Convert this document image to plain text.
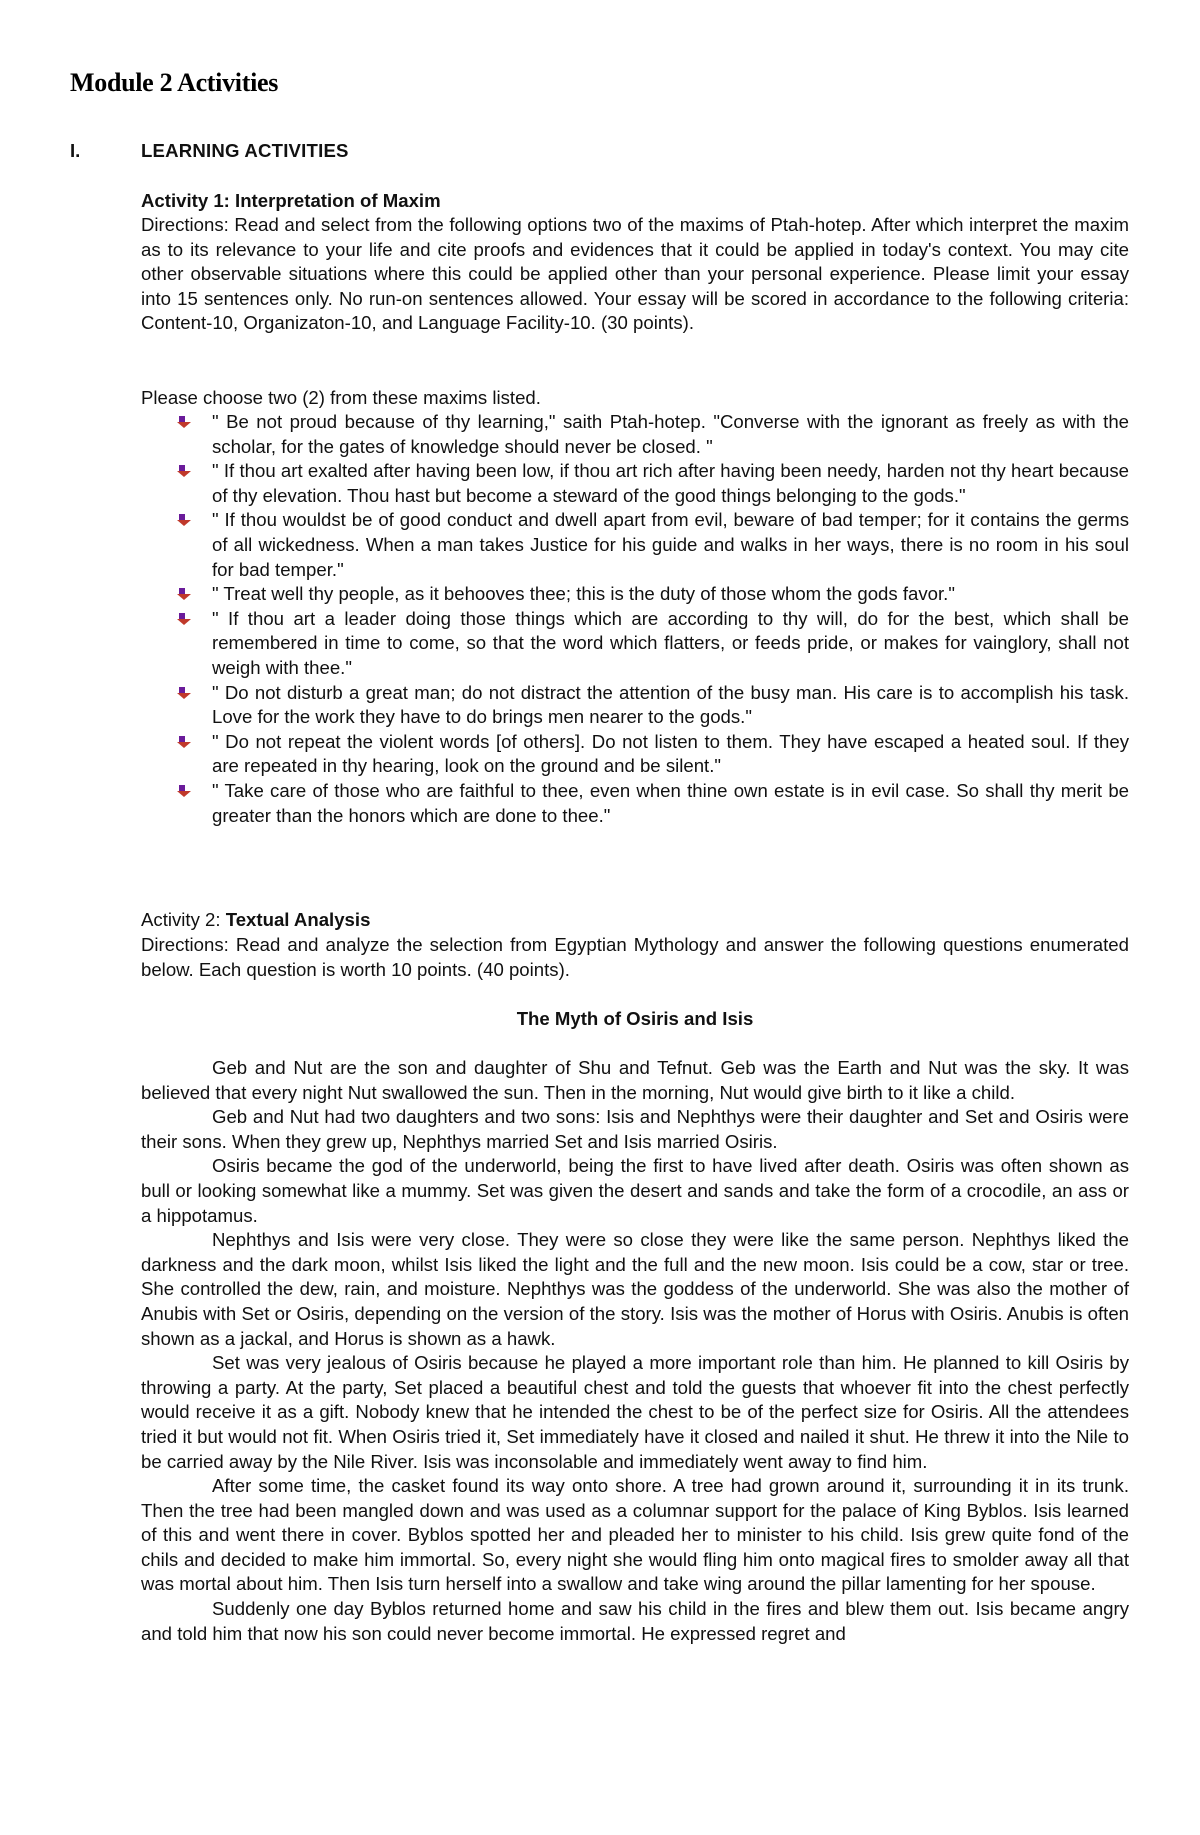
Module 2 Activities
I.	LEARNING ACTIVITIES
Activity 1: Interpretation of Maxim
Directions: Read and select from the following options two of the maxims of Ptah-hotep. After which interpret the maxim as to its relevance to your life and cite proofs and evidences that it could be applied in today's context. You may cite other observable situations where this could be applied other than your personal experience. Please limit your essay into 15 sentences only. No run-on sentences allowed. Your essay will be scored in accordance to the following criteria: Content-10, Organizaton-10, and Language Facility-10. (30 points).
Please choose two (2) from these maxims listed.
" Be not proud because of thy learning," saith Ptah-hotep. "Converse with the ignorant as freely as with the scholar, for the gates of knowledge should never be closed. "
" If thou art exalted after having been low, if thou art rich after having been needy, harden not thy heart because of thy elevation. Thou hast but become a steward of the good things belonging to the gods."
" If thou wouldst be of good conduct and dwell apart from evil, beware of bad temper; for it contains the germs of all wickedness. When a man takes Justice for his guide and walks in her ways, there is no room in his soul for bad temper."
" Treat well thy people, as it behooves thee; this is the duty of those whom the gods favor."
" If thou art a leader doing those things which are according to thy will, do for the best, which shall be remembered in time to come, so that the word which flatters, or feeds pride, or makes for vainglory, shall not weigh with thee."
" Do not disturb a great man; do not distract the attention of the busy man. His care is to accomplish his task. Love for the work they have to do brings men nearer to the gods."
" Do not repeat the violent words [of others]. Do not listen to them. They have escaped a heated soul. If they are repeated in thy hearing, look on the ground and be silent."
" Take care of those who are faithful to thee, even when thine own estate is in evil case. So shall thy merit be greater than the honors which are done to thee."
Activity 2: Textual Analysis
Directions: Read and analyze the selection from Egyptian Mythology and answer the following questions enumerated below. Each question is worth 10 points. (40 points).
The Myth of Osiris and Isis

Geb and Nut are the son and daughter of Shu and Tefnut. Geb was the Earth and Nut was the sky. It was believed that every night Nut swallowed the sun. Then in the morning, Nut would give birth to it like a child.

Geb and Nut had two daughters and two sons: Isis and Nephthys were their daughter and Set and Osiris were their sons. When they grew up, Nephthys married Set and Isis married Osiris.

Osiris became the god of the underworld, being the first to have lived after death. Osiris was often shown as bull or looking somewhat like a mummy. Set was given the desert and sands and take the form of a crocodile, an ass or a hippotamus.

Nephthys and Isis were very close. They were so close they were like the same person. Nephthys liked the darkness and the dark moon, whilst Isis liked the light and the full and the new moon. Isis could be a cow, star or tree. She controlled the dew, rain, and moisture. Nephthys was the goddess of the underworld. She was also the mother of Anubis with Set or Osiris, depending on the version of the story. Isis was the mother of Horus with Osiris. Anubis is often shown as a jackal, and Horus is shown as a hawk.

Set was very jealous of Osiris because he played a more important role than him. He planned to kill Osiris by throwing a party. At the party, Set placed a beautiful chest and told the guests that whoever fit into the chest perfectly would receive it as a gift. Nobody knew that he intended the chest to be of the perfect size for Osiris. All the attendees tried it but would not fit. When Osiris tried it, Set immediately have it closed and nailed it shut. He threw it into the Nile to be carried away by the Nile River. Isis was inconsolable and immediately went away to find him.

After some time, the casket found its way onto shore. A tree had grown around it, surrounding it in its trunk. Then the tree had been mangled down and was used as a columnar support for the palace of King Byblos. Isis learned of this and went there in cover. Byblos spotted her and pleaded her to minister to his child. Isis grew quite fond of the chils and decided to make him immortal. So, every night she would fling him onto magical fires to smolder away all that was mortal about him. Then Isis turn herself into a swallow and take wing around the pillar lamenting for her spouse.

Suddenly one day Byblos returned home and saw his child in the fires and blew them out. Isis became angry and told him that now his son could never become immortal. He expressed regret and
